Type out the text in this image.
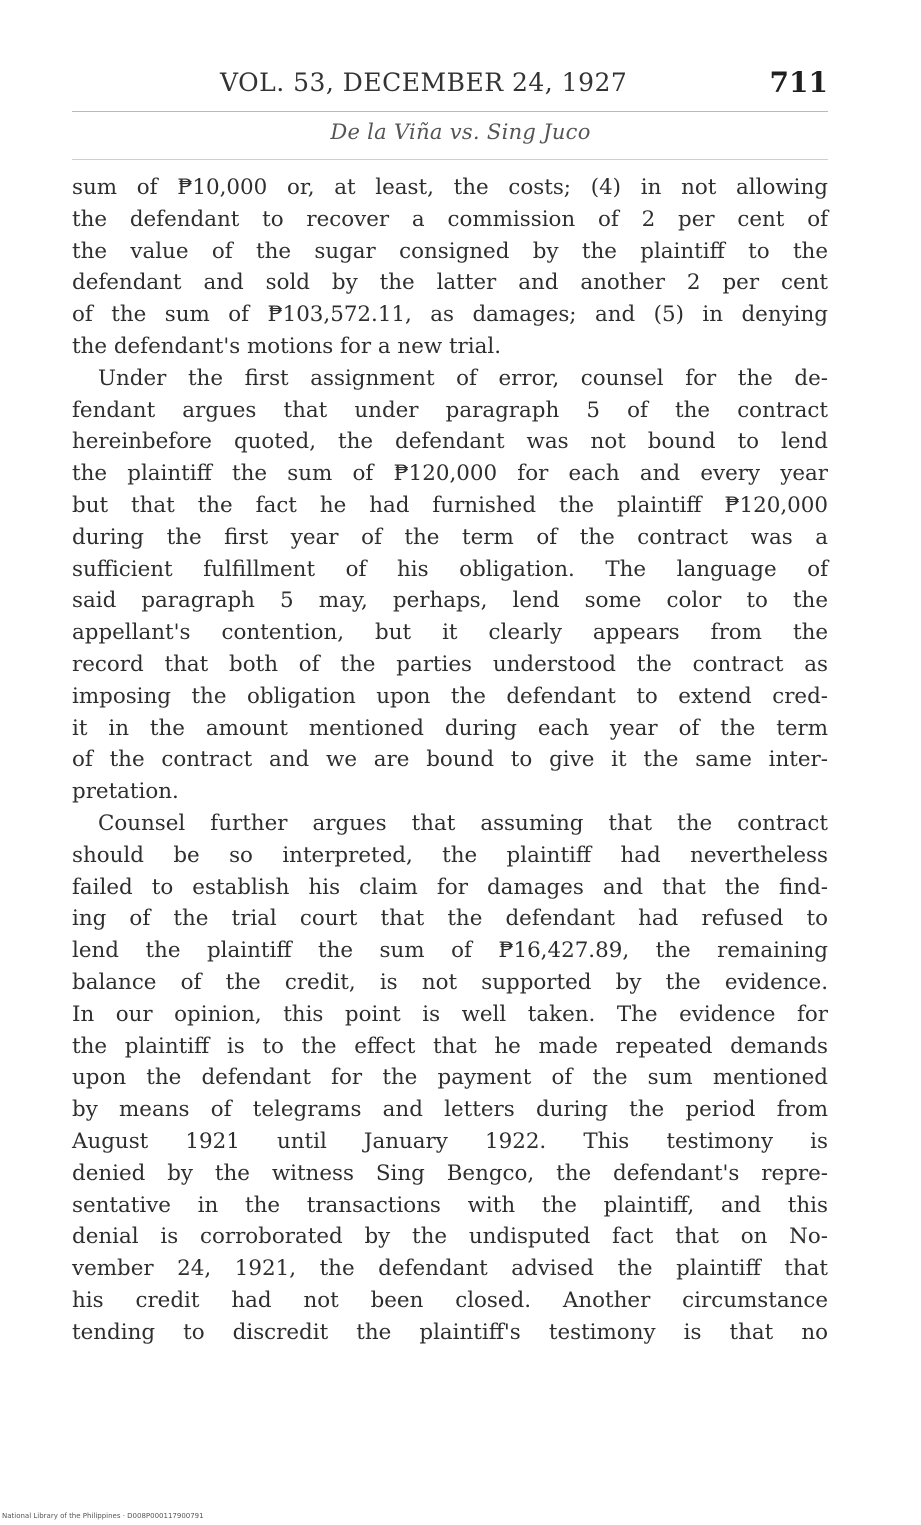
VOL. 53, DECEMBER 24, 1927	711
De la Viña vs. Sing Juco
sum of ₱10,000 or, at least, the costs; (4) in not allowing
the defendant to recover a commission of 2 per cent of
the value of the sugar consigned by the plaintiff to the
defendant and sold by the latter and another 2 per cent
of the sum of ₱103,572.11, as damages; and (5) in denying
the defendant's motions for a new trial.
Under the first assignment of error, counsel for the de-
fendant argues that under paragraph 5 of the contract
hereinbefore quoted, the defendant was not bound to lend
the plaintiff the sum of ₱120,000 for each and every year
but that the fact he had furnished the plaintiff ₱120,000
during the first year of the term of the contract was a
sufficient fulfillment of his obligation. The language of
said paragraph 5 may, perhaps, lend some color to the
appellant's contention, but it clearly appears from the
record that both of the parties understood the contract as
imposing the obligation upon the defendant to extend cred-
it in the amount mentioned during each year of the term
of the contract and we are bound to give it the same inter-
pretation.
Counsel further argues that assuming that the contract
should be so interpreted, the plaintiff had nevertheless
failed to establish his claim for damages and that the find-
ing of the trial court that the defendant had refused to
lend the plaintiff the sum of ₱16,427.89, the remaining
balance of the credit, is not supported by the evidence.
In our opinion, this point is well taken. The evidence for
the plaintiff is to the effect that he made repeated demands
upon the defendant for the payment of the sum mentioned
by means of telegrams and letters during the period from
August 1921 until January 1922. This testimony is
denied by the witness Sing Bengco, the defendant's repre-
sentative in the transactions with the plaintiff, and this
denial is corroborated by the undisputed fact that on No-
vember 24, 1921, the defendant advised the plaintiff that
his credit had not been closed. Another circumstance
tending to discredit the plaintiff's testimony is that no
National Library of the Philippines · D008P000117900791
